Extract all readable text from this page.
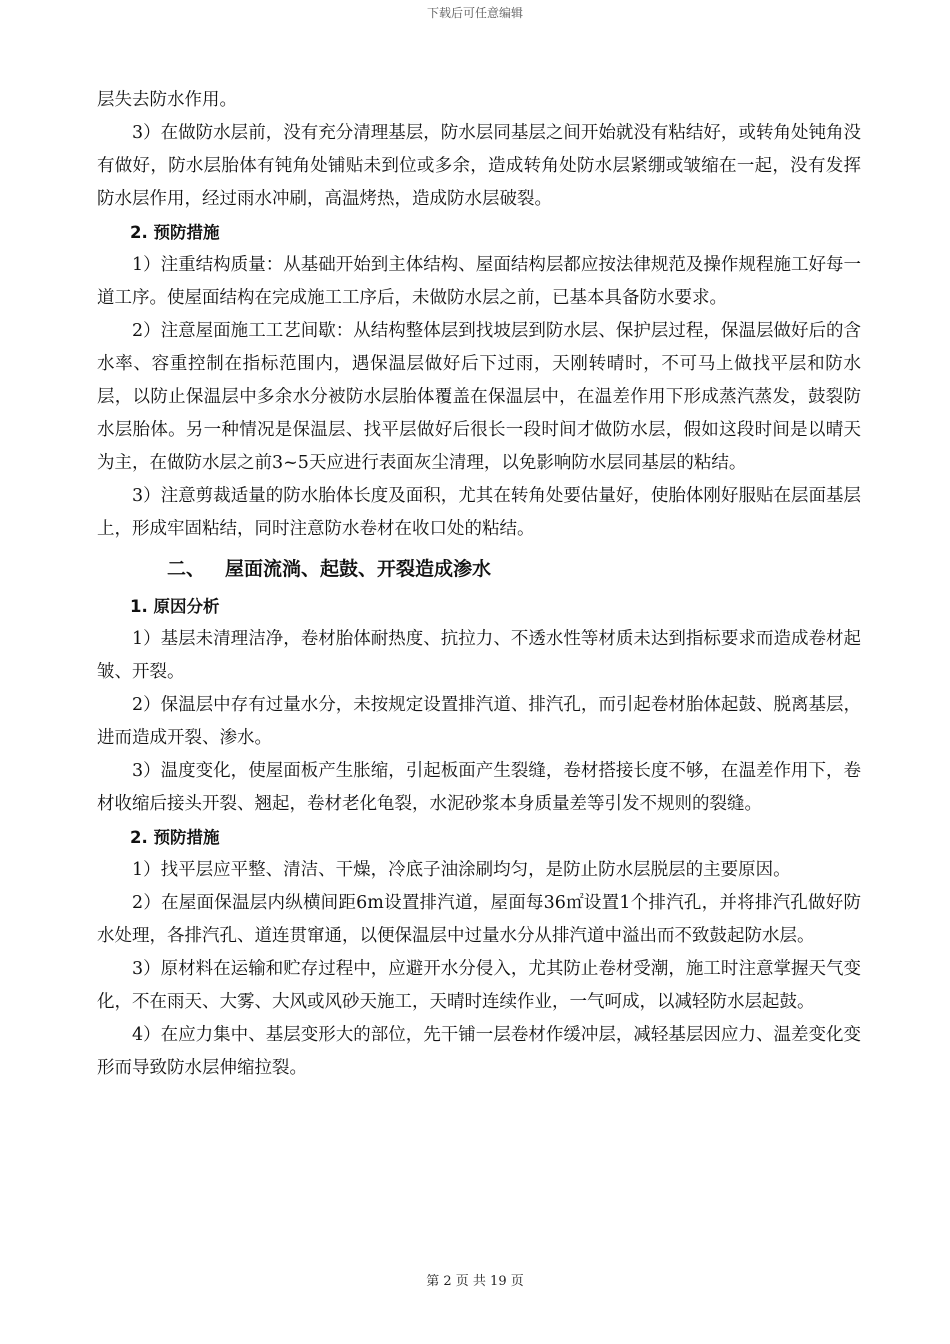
下载后可任意编辑

层失去防水作用。

3）在做防水层前，没有充分清理基层，防水层同基层之间开始就没有粘结好，或转角处钝角没有做好，防水层胎体有钝角处铺贴未到位或多余，造成转角处防水层紧绷或皱缩在一起，没有发挥防水层作用，经过雨水冲刷，高温烤热，造成防水层破裂。

2. 预防措施

1）注重结构质量：从基础开始到主体结构、屋面结构层都应按法律规范及操作规程施工好每一道工序。使屋面结构在完成施工工序后，未做防水层之前，已基本具备防水要求。

2）注意屋面施工工艺间歇：从结构整体层到找坡层到防水层、保护层过程，保温层做好后的含水率、容重控制在指标范围内，遇保温层做好后下过雨，天刚转晴时，不可马上做找平层和防水层，以防止保温层中多余水分被防水层胎体覆盖在保温层中，在温差作用下形成蒸汽蒸发，鼓裂防水层胎体。另一种情况是保温层、找平层做好后很长一段时间才做防水层，假如这段时间是以晴天为主，在做防水层之前3~5天应进行表面灰尘清理，以免影响防水层同基层的粘结。

3）注意剪裁适量的防水胎体长度及面积，尤其在转角处要估量好，使胎体刚好服贴在层面基层上，形成牢固粘结，同时注意防水卷材在收口处的粘结。

二、 屋面流淌、起鼓、开裂造成渗水

1. 原因分析

1）基层未清理洁净，卷材胎体耐热度、抗拉力、不透水性等材质未达到指标要求而造成卷材起皱、开裂。

2）保温层中存有过量水分，未按规定设置排汽道、排汽孔，而引起卷材胎体起鼓、脱离基层，进而造成开裂、渗水。

3）温度变化，使屋面板产生胀缩，引起板面产生裂缝，卷材搭接长度不够，在温差作用下，卷材收缩后接头开裂、翘起，卷材老化龟裂，水泥砂浆本身质量差等引发不规则的裂缝。

2. 预防措施

1）找平层应平整、清洁、干燥，冷底子油涂刷均匀，是防止防水层脱层的主要原因。

2）在屋面保温层内纵横间距6m设置排汽道，屋面每36㎡设置1个排汽孔，并将排汽孔做好防水处理，各排汽孔、道连贯窜通，以便保温层中过量水分从排汽道中溢出而不致鼓起防水层。

3）原材料在运输和贮存过程中，应避开水分侵入，尤其防止卷材受潮，施工时注意掌握天气变化，不在雨天、大雾、大风或风砂天施工，天晴时连续作业，一气呵成，以减轻防水层起鼓。

4）在应力集中、基层变形大的部位，先干铺一层卷材作缓冲层，减轻基层因应力、温差变化变形而导致防水层伸缩拉裂。

第 2 页 共 19 页
